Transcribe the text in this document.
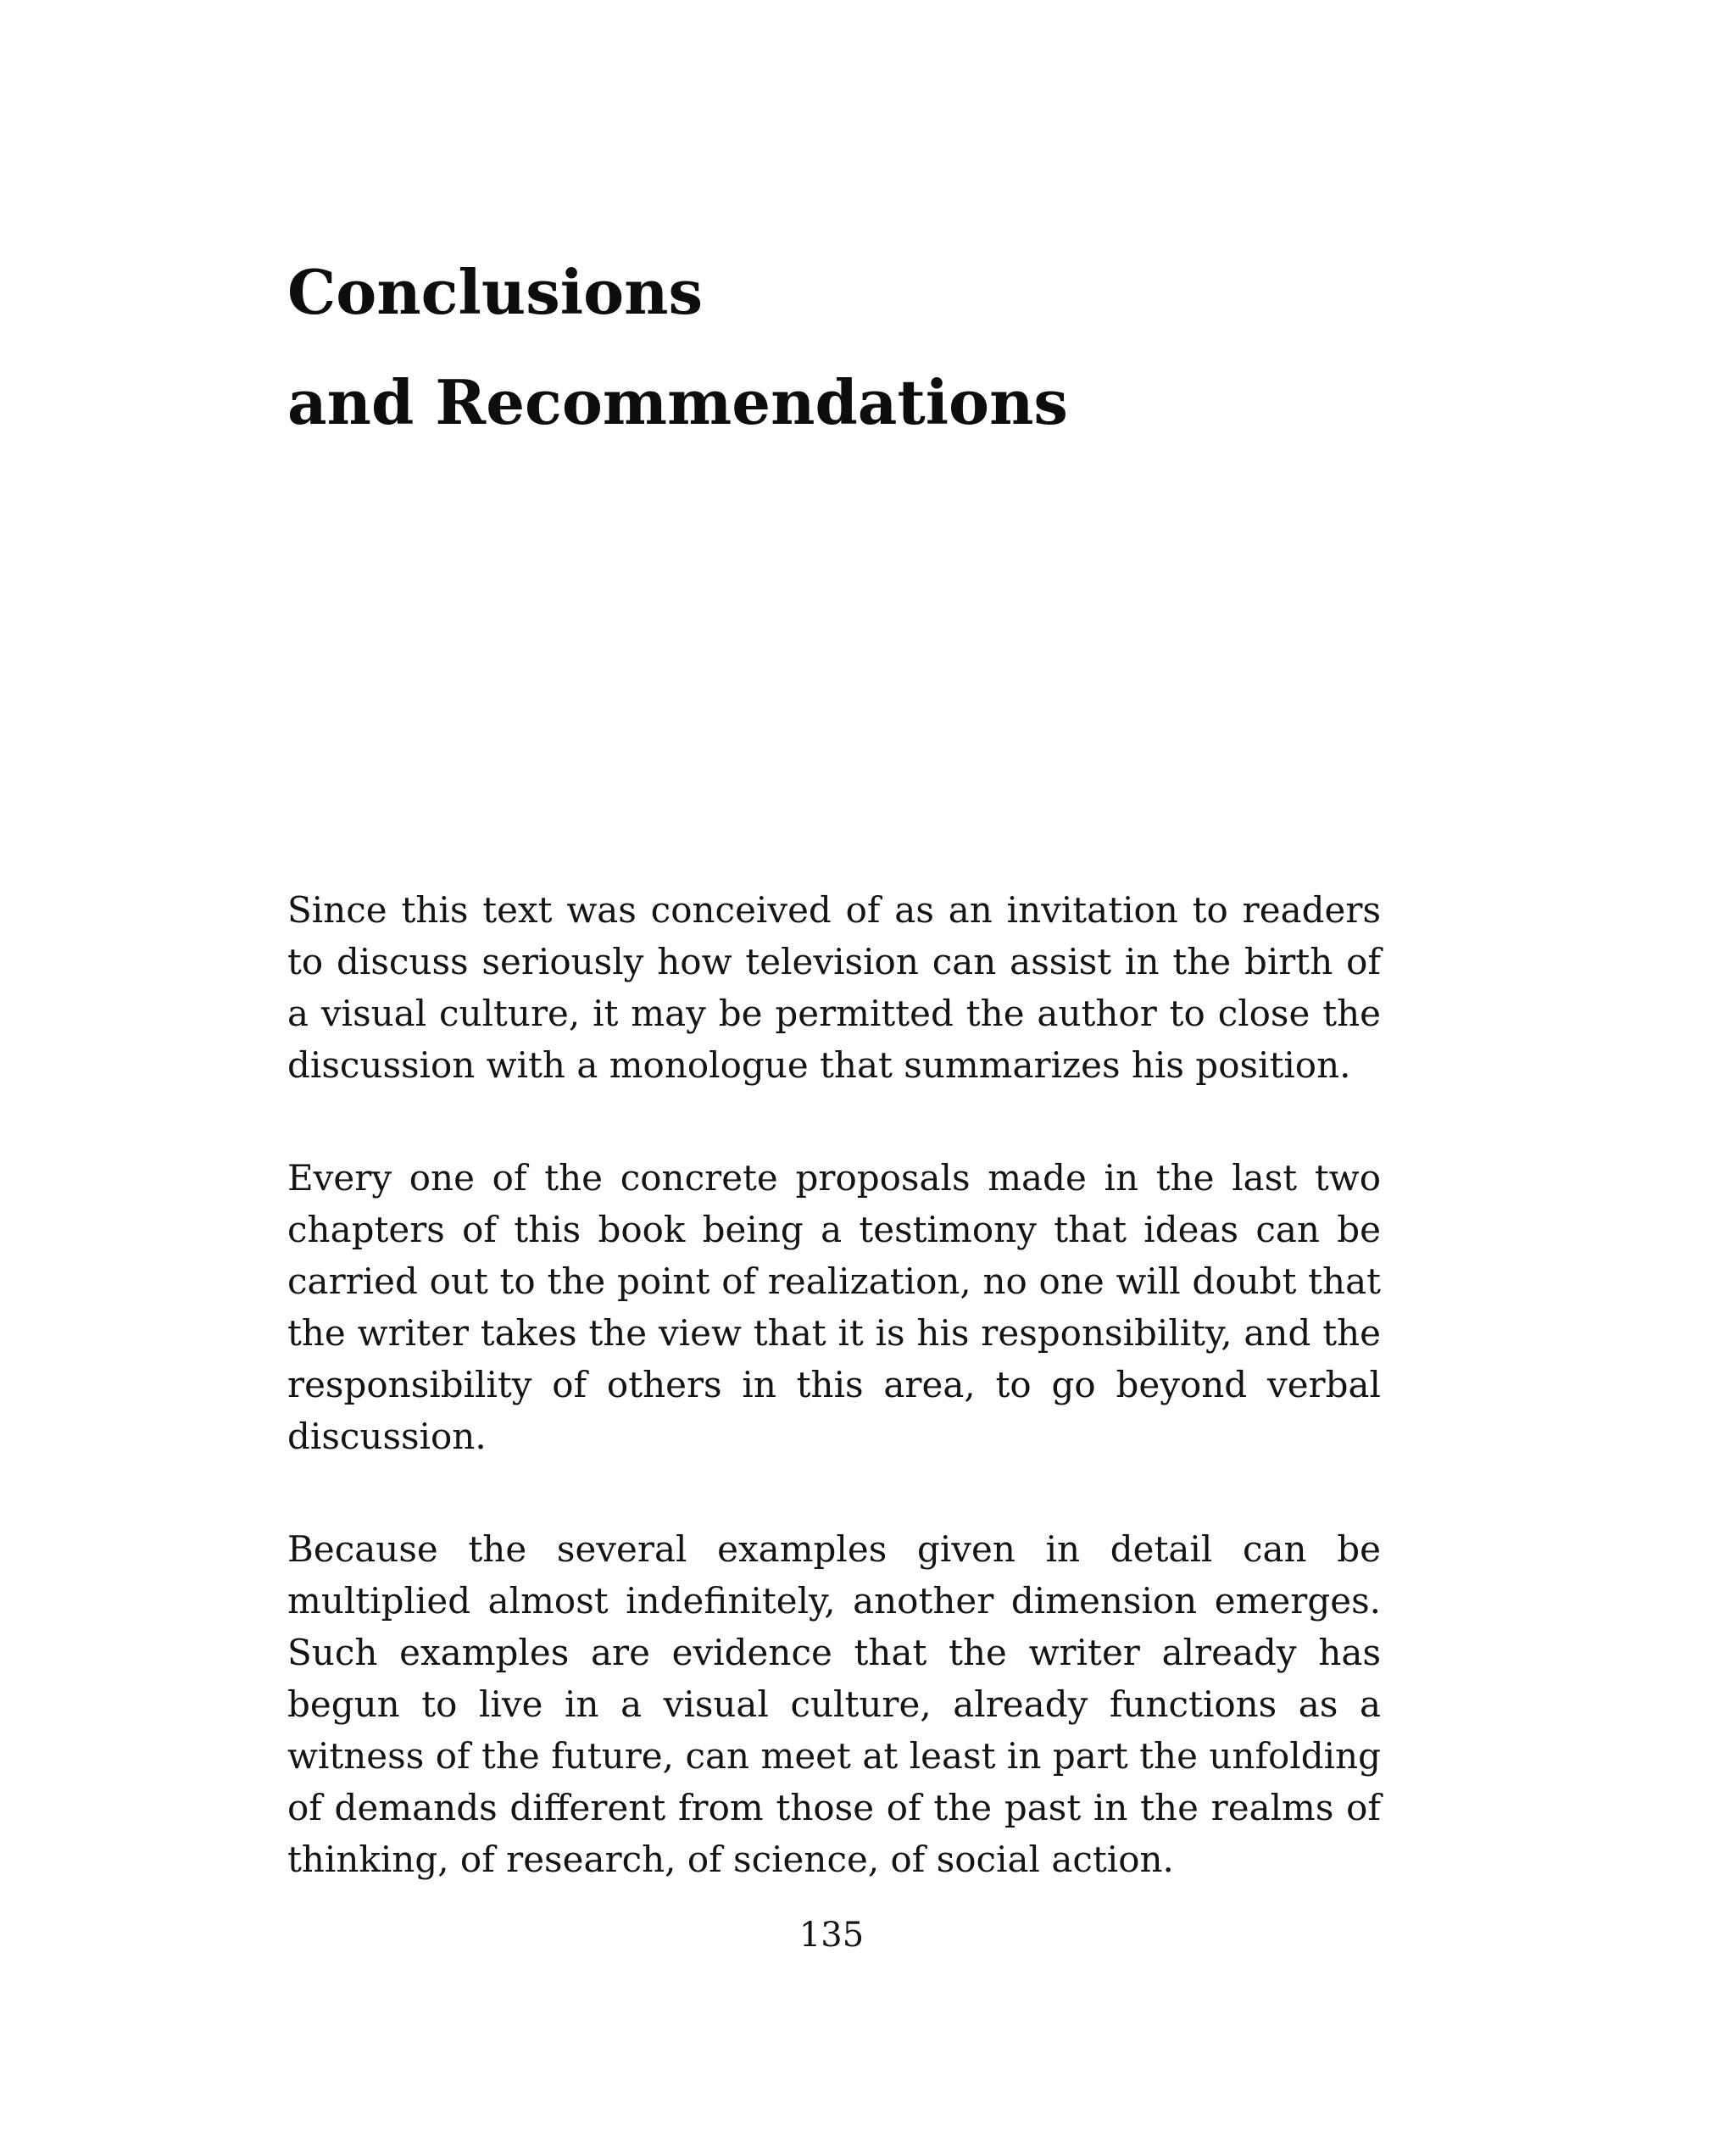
Conclusions
and Recommendations

Since this text was conceived of as an invitation to readers to discuss seriously how television can assist in the birth of a visual culture, it may be permitted the author to close the discussion with a monologue that summarizes his position.

Every one of the concrete proposals made in the last two chapters of this book being a testimony that ideas can be carried out to the point of realization, no one will doubt that the writer takes the view that it is his responsibility, and the responsibility of others in this area, to go beyond verbal discussion.

Because the several examples given in detail can be multiplied almost indefinitely, another dimension emerges. Such examples are evidence that the writer already has begun to live in a visual culture, already functions as a witness of the future, can meet at least in part the unfolding of demands different from those of the past in the realms of thinking, of research, of science, of social action.

135
